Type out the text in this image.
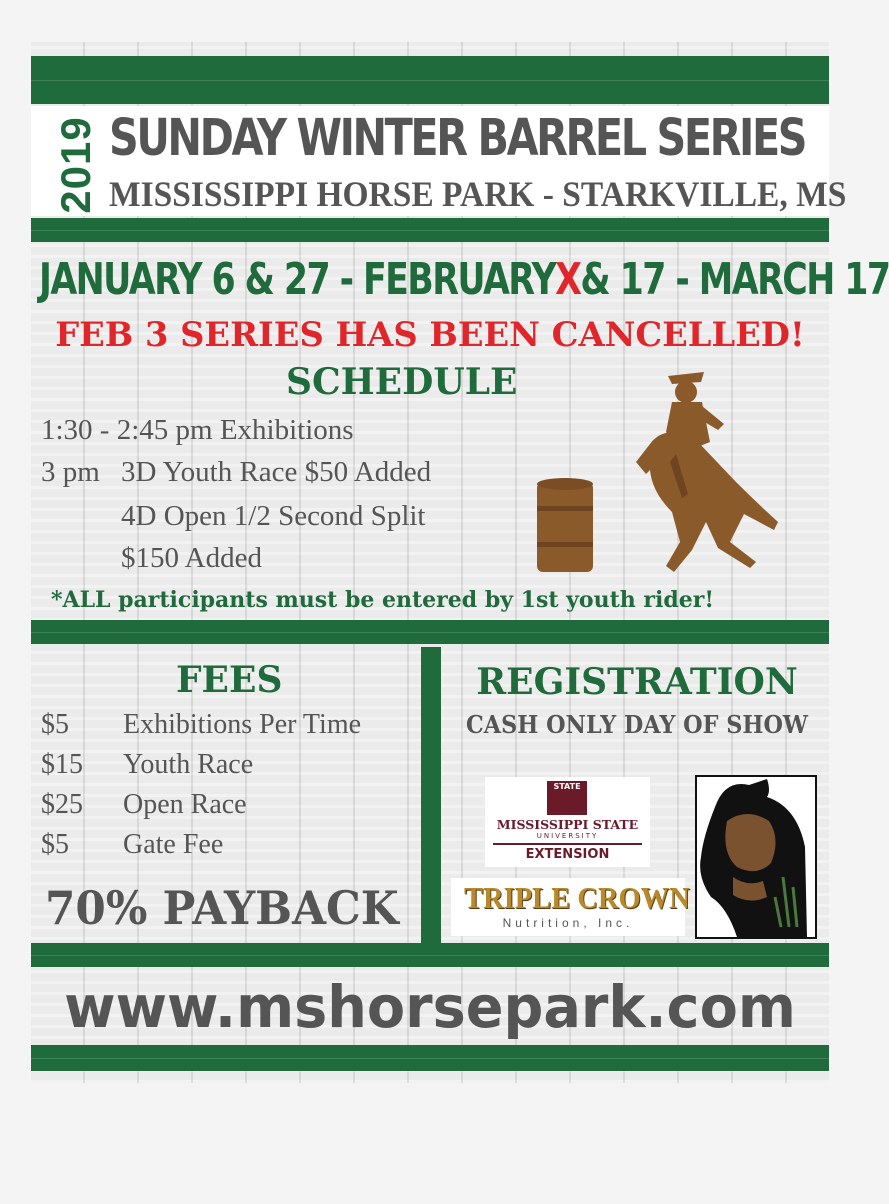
2019 SUNDAY WINTER BARREL SERIES
MISSISSIPPI HORSE PARK - STARKVILLE, MS
JANUARY 6 & 27 - FEBRUARYX& 17 - MARCH 17
FEB 3 SERIES HAS BEEN CANCELLED!
SCHEDULE
1:30 - 2:45 pm Exhibitions
3 pm 3D Youth Race $50 Added
4D Open 1/2 Second Split
$150 Added
*ALL participants must be entered by 1st youth rider!
FEES
$5 Exhibitions Per Time
$15 Youth Race
$25 Open Race
$5 Gate Fee
70% PAYBACK
REGISTRATION
CASH ONLY DAY OF SHOW
STATE
MISSISSIPPI STATE
UNIVERSITY
EXTENSION
TRIPLE CROWN
Nutrition, Inc.
www.mshorsepark.com
